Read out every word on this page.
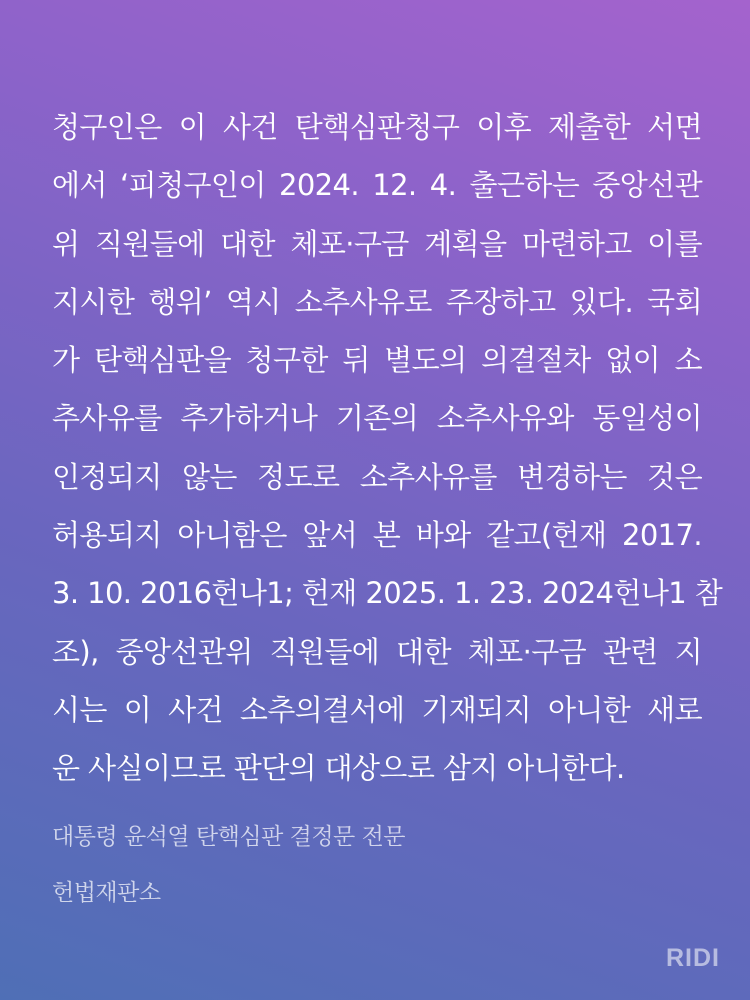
청구인은 이 사건 탄핵심판청구 이후 제출한 서면
에서 ‘피청구인이 2024. 12. 4. 출근하는 중앙선관
위 직원들에 대한 체포·구금 계획을 마련하고 이를
지시한 행위’ 역시 소추사유로 주장하고 있다. 국회
가 탄핵심판을 청구한 뒤 별도의 의결절차 없이 소
추사유를 추가하거나 기존의 소추사유와 동일성이
인정되지 않는 정도로 소추사유를 변경하는 것은
허용되지 아니함은 앞서 본 바와 같고(헌재 2017.
3. 10. 2016헌나1; 헌재 2025. 1. 23. 2024헌나1 참
조), 중앙선관위 직원들에 대한 체포·구금 관련 지
시는 이 사건 소추의결서에 기재되지 아니한 새로
운 사실이므로 판단의 대상으로 삼지 아니한다.

대통령 윤석열 탄핵심판 결정문 전문

헌법재판소

RIDI
